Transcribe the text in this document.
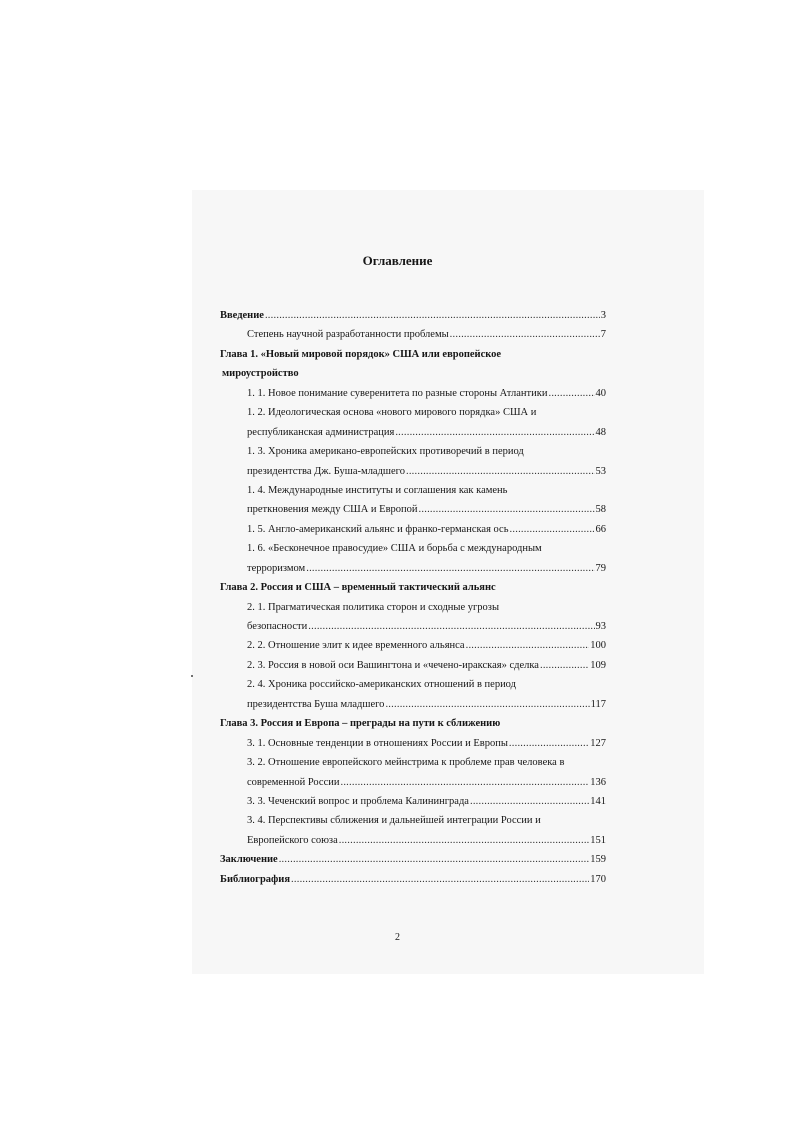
Оглавление
Введение . . .	3
Степень научной разработанности проблемы . . .	7
Глава 1. «Новый мировой порядок» США или европейское
мироустройство
1. 1. Новое понимание суверенитета по разные стороны Атлантики . . .	40
1. 2. Идеологическая основа «нового мирового порядка» США и
республиканская администрация . . .	48
1. 3. Хроника американо-европейских противоречий в период
президентства Дж. Буша-младшего . . .	53
1. 4. Международные институты и соглашения как камень
преткновения между США и Европой . . .	58
1. 5. Англо-американский альянс и франко-германская ось . . .	66
1. 6. «Бесконечное правосудие» США и борьба с международным
терроризмом . . .	79
Глава 2. Россия и США – временный тактический альянс
2. 1. Прагматическая политика сторон и сходные угрозы
безопасности . . .	93
2. 2. Отношение элит к идее временного альянса . . .	100
2. 3. Россия в новой оси Вашингтона и «чечено-иракская» сделка . . .	109
2. 4. Хроника российско-американских отношений в период
президентства Буша младшего . . .	117
Глава 3. Россия и Европа – преграды на пути к сближению
3. 1. Основные тенденции в отношениях России и Европы . . .	127
3. 2. Отношение европейского мейнстрима к проблеме прав человека в
современной России . . .	136
3. 3. Чеченский вопрос и проблема Калининграда . . .	141
3. 4. Перспективы сближения и дальнейшей интеграции России и
Европейского союза . . .	151
Заключение . . .	159
Библиография . . .	170
2
